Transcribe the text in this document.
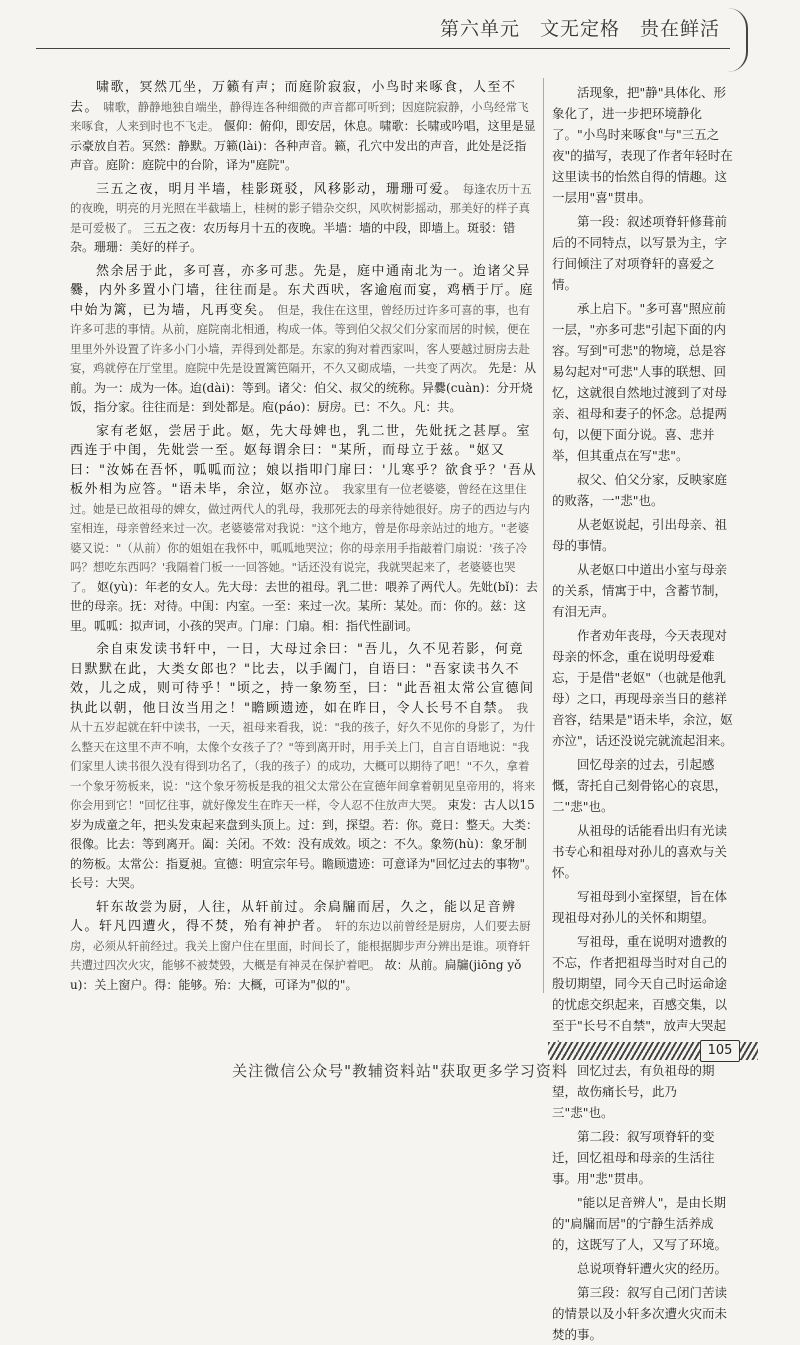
第六单元　文无定格　贵在鲜活

啸歌，冥然兀坐，万籁有声；而庭阶寂寂，小鸟时来啄食，人至不去。 啸歌，静静地独自端坐，静得连各种细微的声音都可听到；因庭院寂静，小鸟经常飞来啄食，人来到时也不飞走。 偃仰：俯仰，即安居，休息。啸歌：长啸或吟唱，这里是显示豪放自若。冥然：静默。万籁(lài)：各种声音。籁，孔穴中发出的声音，此处是泛指声音。庭阶：庭院中的台阶，译为"庭院"。

三五之夜，明月半墙，桂影斑驳，风移影动，珊珊可爱。 每逢农历十五的夜晚，明亮的月光照在半截墙上，桂树的影子错杂交织，风吹树影摇动，那美好的样子真是可爱极了。 三五之夜：农历每月十五的夜晚。半墙：墙的中段，即墙上。斑驳：错杂。珊珊：美好的样子。

然余居于此，多可喜，亦多可悲。先是，庭中通南北为一。迨诸父异爨，内外多置小门墙，往往而是。东犬西吠，客逾庖而宴，鸡栖于厅。庭中始为篱，已为墙，凡再变矣。 但是，我住在这里，曾经历过许多可喜的事，也有许多可悲的事情。从前，庭院南北相通，构成一体。等到伯父叔父们分家而居的时候，便在里里外外设置了许多小门小墙，弄得到处都是。东家的狗对着西家叫，客人要越过厨房去赴宴，鸡就停在厅堂里。庭院中先是设置篱笆隔开，不久又砌成墙，一共变了两次。 先是：从前。为一：成为一体。迨(dài)：等到。诸父：伯父、叔父的统称。异爨(cuàn)：分开烧饭，指分家。往往而是：到处都是。庖(páo)：厨房。已：不久。凡：共。

家有老妪，尝居于此。妪，先大母婢也，乳二世，先妣抚之甚厚。室西连于中闺，先妣尝一至。妪每谓余曰："某所，而母立于兹。"妪又曰："汝姊在吾怀，呱呱而泣；娘以指叩门扉曰：'儿寒乎？欲食乎？'吾从板外相为应答。"语未毕，余泣，妪亦泣。 我家里有一位老婆婆，曾经在这里住过。她是已故祖母的婢女，做过两代人的乳母，我那死去的母亲待她很好。房子的西边与内室相连，母亲曾经来过一次。老婆婆常对我说："这个地方，曾是你母亲站过的地方。"老婆婆又说："（从前）你的姐姐在我怀中，呱呱地哭泣；你的母亲用手指敲着门扇说：'孩子冷吗？想吃东西吗？'我隔着门板一一回答她。"话还没有说完，我就哭起来了，老婆婆也哭了。 妪(yù)：年老的女人。先大母：去世的祖母。乳二世：喂养了两代人。先妣(bǐ)：去世的母亲。抚：对待。中闺：内室。一至：来过一次。某所：某处。而：你的。兹：这里。呱呱：拟声词，小孩的哭声。门扉：门扇。相：指代性副词。

余自束发读书轩中，一日，大母过余曰："吾儿，久不见若影，何竟日默默在此，大类女郎也？"比去，以手阖门，自语曰："吾家读书久不效，儿之成，则可待乎！"顷之，持一象笏至，曰："此吾祖太常公宣德间执此以朝，他日汝当用之！"瞻顾遗迹，如在昨日，令人长号不自禁。 我从十五岁起就在轩中读书，一天，祖母来看我，说："我的孩子，好久不见你的身影了，为什么整天在这里不声不响，太像个女孩子了？"等到离开时，用手关上门，自言自语地说："我们家里人读书很久没有得到功名了，（我的孩子）的成功，大概可以期待了吧！"不久，拿着一个象牙笏板来，说："这个象牙笏板是我的祖父太常公在宣德年间拿着朝见皇帝用的，将来你会用到它！"回忆往事，就好像发生在昨天一样，令人忍不住放声大哭。 束发：古人以15岁为成童之年，把头发束起来盘到头顶上。过：到，探望。若：你。竟日：整天。大类：很像。比去：等到离开。阖：关闭。不效：没有成效。顷之：不久。象笏(hù)：象牙制的笏板。太常公：指夏昶。宣德：明宣宗年号。瞻顾遗迹：可意译为"回忆过去的事物"。长号：大哭。

轩东故尝为厨，人往，从轩前过。余扃牖而居，久之，能以足音辨人。轩凡四遭火，得不焚，殆有神护者。 轩的东边以前曾经是厨房，人们要去厨房，必须从轩前经过。我关上窗户住在里面，时间长了，能根据脚步声分辨出是谁。项脊轩共遭过四次火灾，能够不被焚毁，大概是有神灵在保护着吧。 故：从前。扃牖(jiōng yǒu)：关上窗户。得：能够。殆：大概，可译为"似的"。

活现象，把"静"具体化、形象化了，进一步把环境静化了。"小鸟时来啄食"与"三五之夜"的描写，表现了作者年轻时在这里读书的怡然自得的情趣。这一层用"喜"贯串。

第一段：叙述项脊轩修葺前后的不同特点，以写景为主，字行间倾注了对项脊轩的喜爱之情。

承上启下。"多可喜"照应前一层，"亦多可悲"引起下面的内容。写到"可悲"的物境，总是容易勾起对"可悲"人事的联想、回忆，这就很自然地过渡到了对母亲、祖母和妻子的怀念。总提两句，以便下面分说。喜、悲并举，但其重点在写"悲"。

叔父、伯父分家，反映家庭的败落，一"悲"也。

从老妪说起，引出母亲、祖母的事情。

从老妪口中道出小室与母亲的关系，情寓于中，含蓄节制，有泪无声。

作者劝年丧母，今天表现对母亲的怀念，重在说明母爱难忘，于是借"老妪"（也就是他乳母）之口，再现母亲当日的慈祥音容，结果是"语未毕，余泣，妪亦泣"，话还没说完就流起泪来。

回忆母亲的过去，引起感慨，寄托自己刻骨铭心的哀思，二"悲"也。

从祖母的话能看出归有光读书专心和祖母对孙儿的喜欢与关怀。

写祖母到小室探望，旨在体现祖母对孙儿的关怀和期望。

写祖母，重在说明对遗教的不忘，作者把祖母当时对自己的殷切期望，同今天自己时运命途的忧虑交织起来，百感交集，以至于"长号不自禁"，放声大哭起

回忆过去，有负祖母的期望，故伤痛长号，此乃三"悲"也。

第二段：叙写项脊轩的变迁，回忆祖母和母亲的生活往事。用"悲"贯串。

"能以足音辨人"，是由长期的"扃牖而居"的宁静生活养成的，这既写了人，又写了环境。

总说项脊轩遭火灾的经历。

第三段：叙写自己闭门苦读的情景以及小轩多次遭火灾而未焚的事。

105
关注微信公众号"教辅资料站"获取更多学习资料
